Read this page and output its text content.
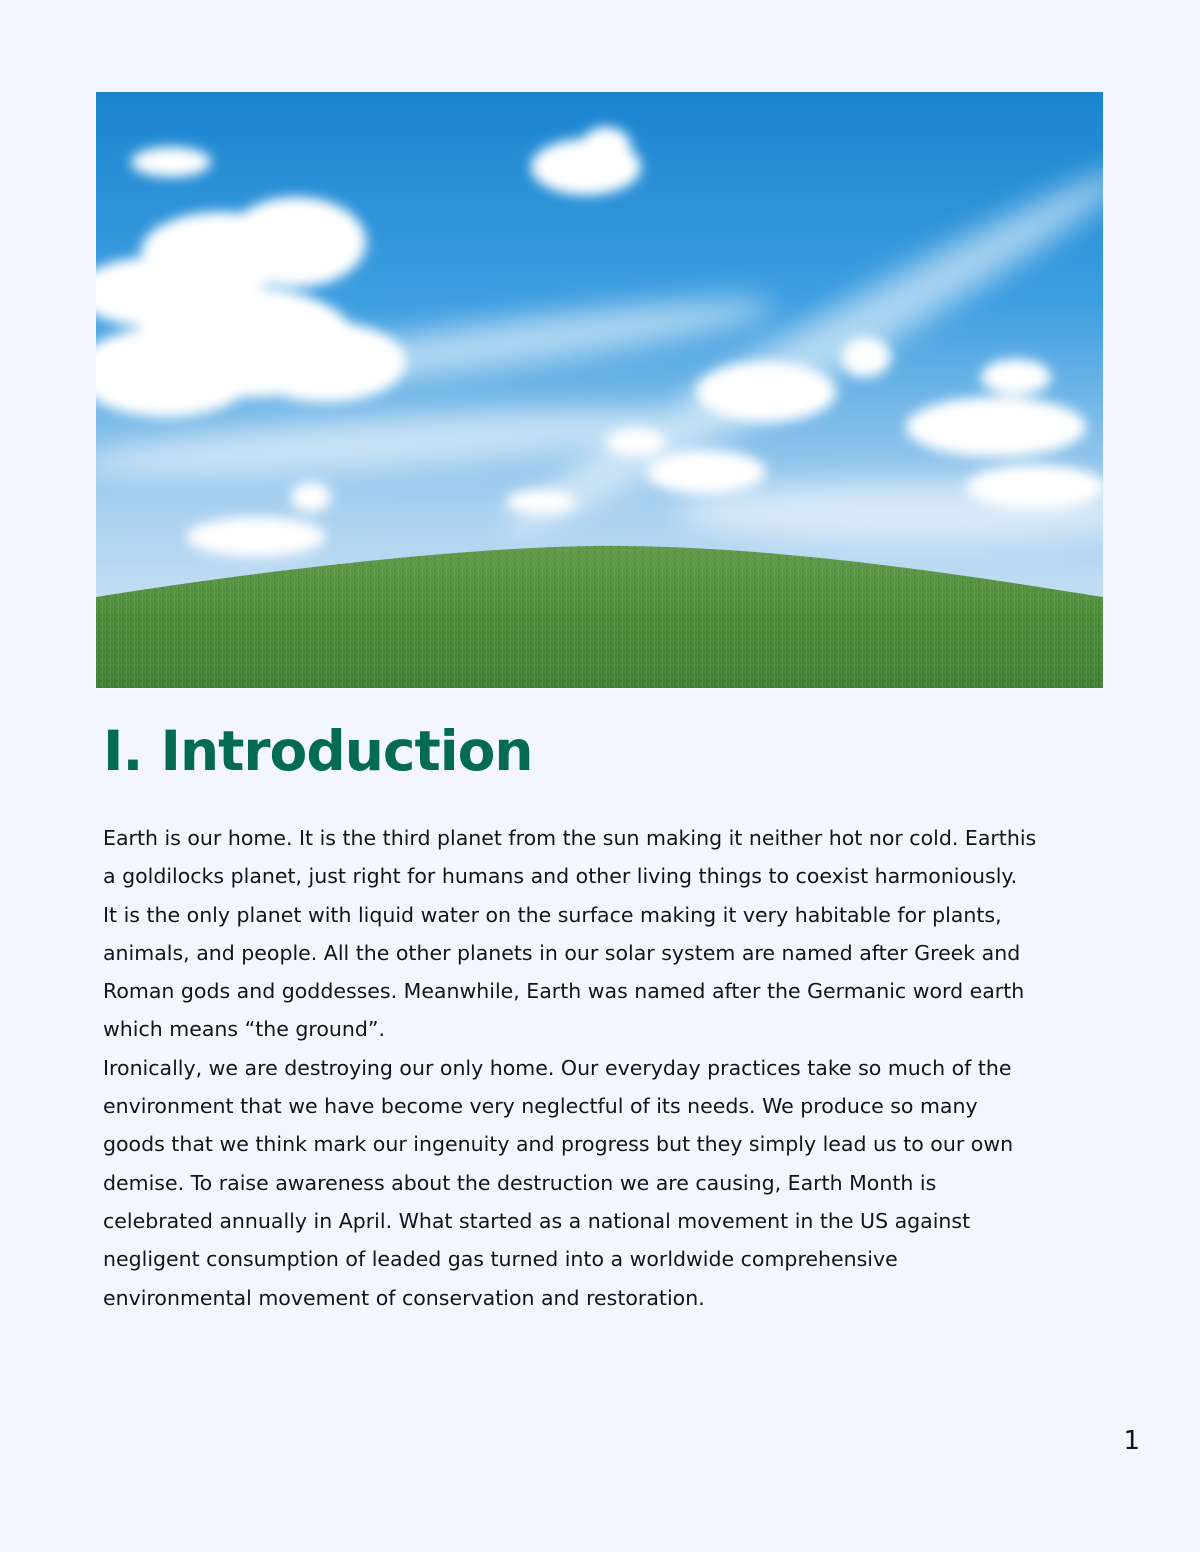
I. Introduction
Earth is our home. It is the third planet from the sun making it neither hot nor cold. Earthis
a goldilocks planet, just right for humans and other living things to coexist harmoniously.
It is the only planet with liquid water on the surface making it very habitable for plants,
animals, and people. All the other planets in our solar system are named after Greek and
Roman gods and goddesses. Meanwhile, Earth was named after the Germanic word earth
which means “the ground”.
Ironically, we are destroying our only home. Our everyday practices take so much of the
environment that we have become very neglectful of its needs. We produce so many
goods that we think mark our ingenuity and progress but they simply lead us to our own
demise. To raise awareness about the destruction we are causing, Earth Month is
celebrated annually in April. What started as a national movement in the US against
negligent consumption of leaded gas turned into a worldwide comprehensive
environmental movement of conservation and restoration.
1
